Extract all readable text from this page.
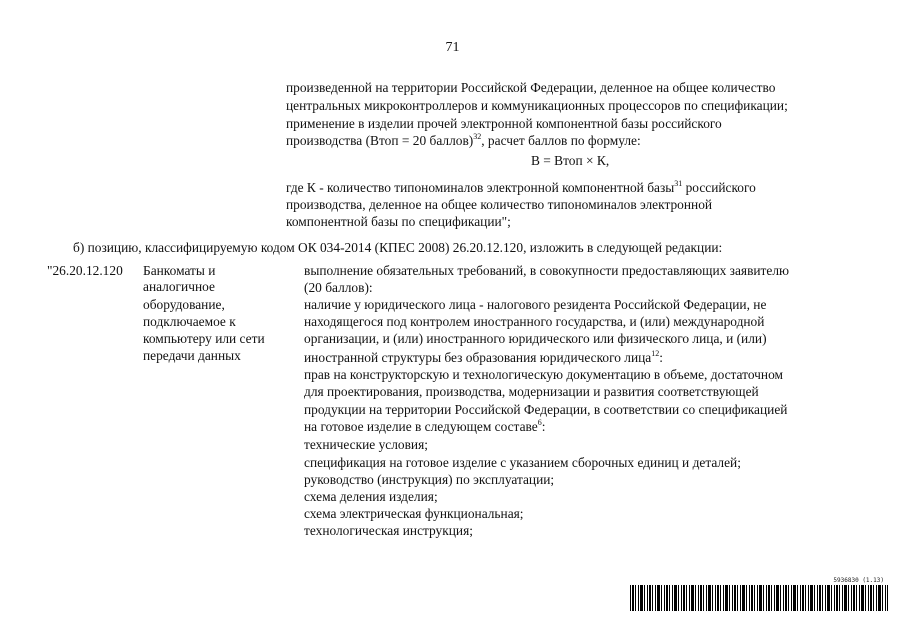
71
произведенной на территории Российской Федерации, деленное на общее количество
центральных микроконтроллеров и коммуникационных процессоров по спецификации;
применение в изделии прочей электронной компонентной базы российского
производства (Втоп = 20 баллов)$^{32}$, расчет баллов по формуле:
В = Втоп × К,
где К - количество типономиналов электронной компонентной базы$^{31}$ российского
производства, деленное на общее количество типономиналов электронной
компонентной базы по спецификации";
б) позицию, классифицируемую кодом ОК 034-2014 (КПЕС 2008) 26.20.12.120, изложить в следующей редакции:
"26.20.12.120 Банкоматы и
аналогичное
оборудование,
подключаемое к
компьютеру или сети
передачи данных
выполнение обязательных требований, в совокупности предоставляющих заявителю
(20 баллов):
наличие у юридического лица - налогового резидента Российской Федерации, не
находящегося под контролем иностранного государства, и (или) международной
организации, и (или) иностранного юридического или физического лица, и (или)
иностранной структуры без образования юридического лица$^{12}$:
прав на конструкторскую и технологическую документацию в объеме, достаточном
для проектирования, производства, модернизации и развития соответствующей
продукции на территории Российской Федерации, в соответствии со спецификацией
на готовое изделие в следующем составе$^6$:
технические условия;
спецификация на готовое изделие с указанием сборочных единиц и деталей;
руководство (инструкция) по эксплуатации;
схема деления изделия;
схема электрическая функциональная;
технологическая инструкция;
5936830 (1.13)
